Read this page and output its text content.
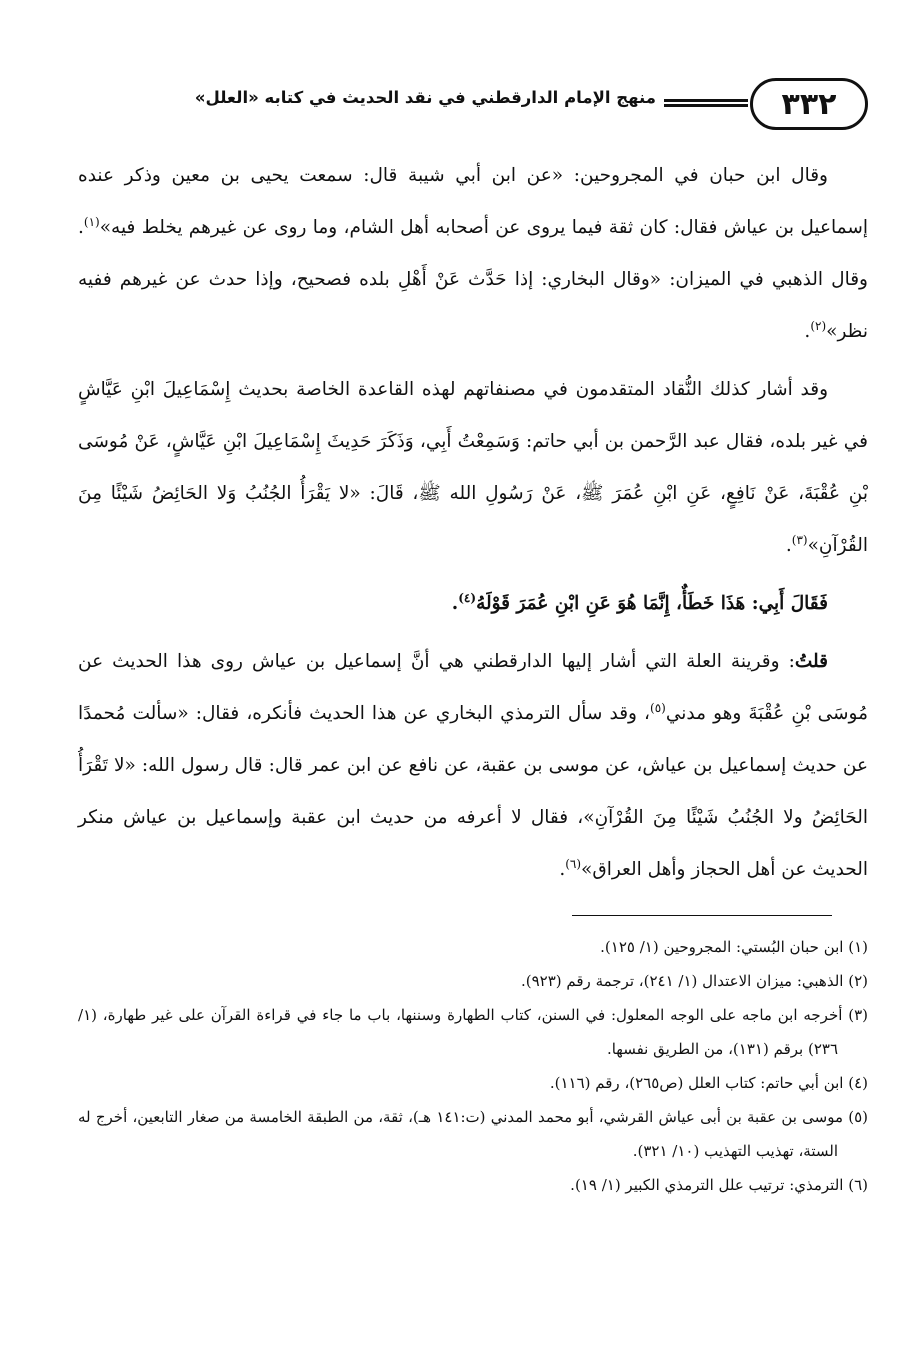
٣٣٢
منهج الإمام الدارقطني في نقد الحديث في كتابه «العلل»

وقال ابن حبان في المجروحين: «عن ابن أبي شيبة قال: سمعت يحيى بن معين وذكر عنده إسماعيل بن عياش فقال: كان ثقة فيما يروى عن أصحابه أهل الشام، وما روى عن غيرهم يخلط فيه»$^{(١)}$. وقال الذهبي في الميزان: «وقال البخاري: إذا حَدَّث عَنْ أَهْلِ بلده فصحيح، وإذا حدث عن غيرهم ففيه نظر»$^{(٢)}$.

وقد أشار كذلك النُّقاد المتقدمون في مصنفاتهم لهذه القاعدة الخاصة بحديث إِسْمَاعِيلَ ابْنِ عَيَّاشٍ في غير بلده، فقال عبد الرَّحمن بن أبي حاتم: وَسَمِعْتُ أَبِي، وَذَكَرَ حَدِيثَ إِسْمَاعِيلَ ابْنِ عَيَّاشٍ، عَنْ مُوسَى بْنِ عُقْبَةَ، عَنْ نَافِعٍ، عَنِ ابْنِ عُمَرَ ﷺ، عَنْ رَسُولِ الله ﷺ، قَالَ: «لا يَقْرَأُ الجُنُبُ وَلا الحَائِضُ شَيْئًا مِنَ القُرْآنِ»$^{(٣)}$.

فَقَالَ أَبِي: هَذَا خَطَأٌ، إِنَّمَا هُوَ عَنِ ابْنِ عُمَرَ قَوْلَهُ$^{(٤)}$.

قلتُ: وقرينة العلة التي أشار إليها الدارقطني هي أنَّ إسماعيل بن عياش روى هذا الحديث عن مُوسَى بْنِ عُقْبَةَ وهو مدني$^{(٥)}$، وقد سأل الترمذي البخاري عن هذا الحديث فأنكره، فقال: «سألت مُحمدًا عن حديث إسماعيل بن عياش، عن موسى بن عقبة، عن نافع عن ابن عمر قال: قال رسول الله: «لا تَقْرَأُ الحَائِضُ ولا الجُنُبُ شَيْئًا مِنَ القُرْآنِ»، فقال لا أعرفه من حديث ابن عقبة وإسماعيل بن عياش منكر الحديث عن أهل الحجاز وأهل العراق»$^{(٦)}$.

(١) ابن حبان البُستي: المجروحين (١/ ١٢٥).

(٢) الذهبي: ميزان الاعتدال (١/ ٢٤١)، ترجمة رقم (٩٢٣).

(٣) أخرجه ابن ماجه على الوجه المعلول: في السنن، كتاب الطهارة وسننها، باب ما جاء في قراءة القرآن على غير طهارة، (١/ ٢٣٦) برقم (١٣١)، من الطريق نفسها.

(٤) ابن أبي حاتم: كتاب العلل (ص٢٦٥)، رقم (١١٦).

(٥) موسى بن عقبة بن أبى عياش القرشي، أبو محمد المدني (ت:١٤١ هـ)، ثقة، من الطبقة الخامسة من صغار التابعين، أخرج له الستة، تهذيب التهذيب (١٠/ ٣٢١).

(٦) الترمذي: ترتيب علل الترمذي الكبير (١/ ١٩).
